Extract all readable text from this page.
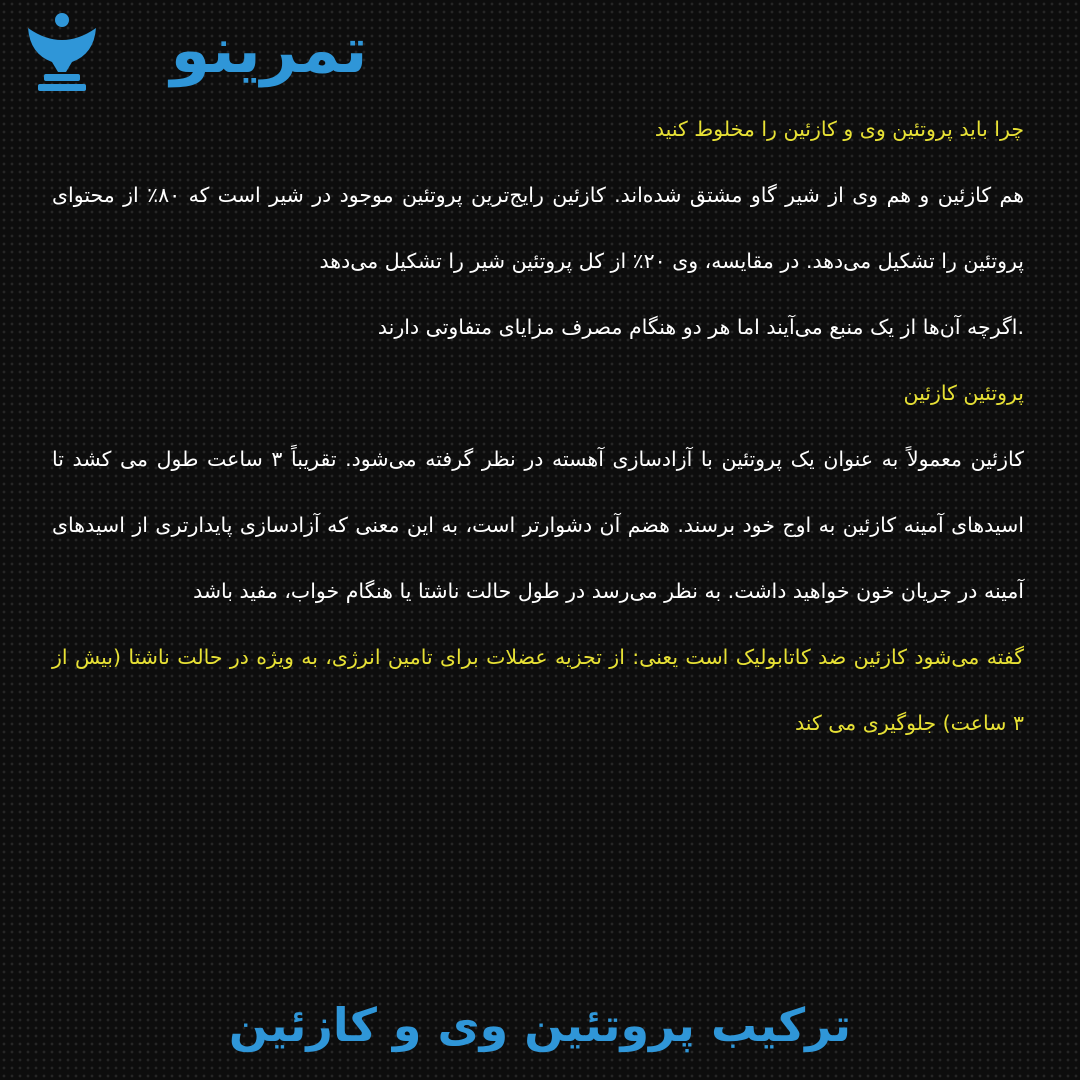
تمرینو

چرا باید پروتئین وی و کازئین را مخلوط کنید

هم کازئین و هم وی از شیر گاو مشتق شده‌اند. کازئین رایج‌ترین پروتئین موجود در شیر است که ۸۰٪ از محتوای پروتئین را تشکیل می‌دهد. در مقایسه، وی ۲۰٪ از کل پروتئین شیر را تشکیل می‌دهد

.اگرچه آن‌ها از یک منبع می‌آیند اما هر دو هنگام مصرف مزایای متفاوتی دارند

پروتئین کازئین

کازئین معمولاً به عنوان یک پروتئین با آزادسازی آهسته در نظر گرفته می‌شود. تقریباً ۳ ساعت طول می کشد تا اسیدهای آمینه کازئین به اوج خود برسند. هضم آن دشوارتر است، به این معنی که آزادسازی پایدارتری از اسیدهای آمینه در جریان خون خواهید داشت. به نظر می‌رسد در طول حالت ناشتا یا هنگام خواب، مفید باشد

گفته می‌شود کازئین ضد کاتابولیک است یعنی: از تجزیه عضلات برای تامین انرژی، به ویژه در حالت ناشتا (بیش از ۳ ساعت) جلوگیری می کند

ترکیب پروتئین وی و کازئین
